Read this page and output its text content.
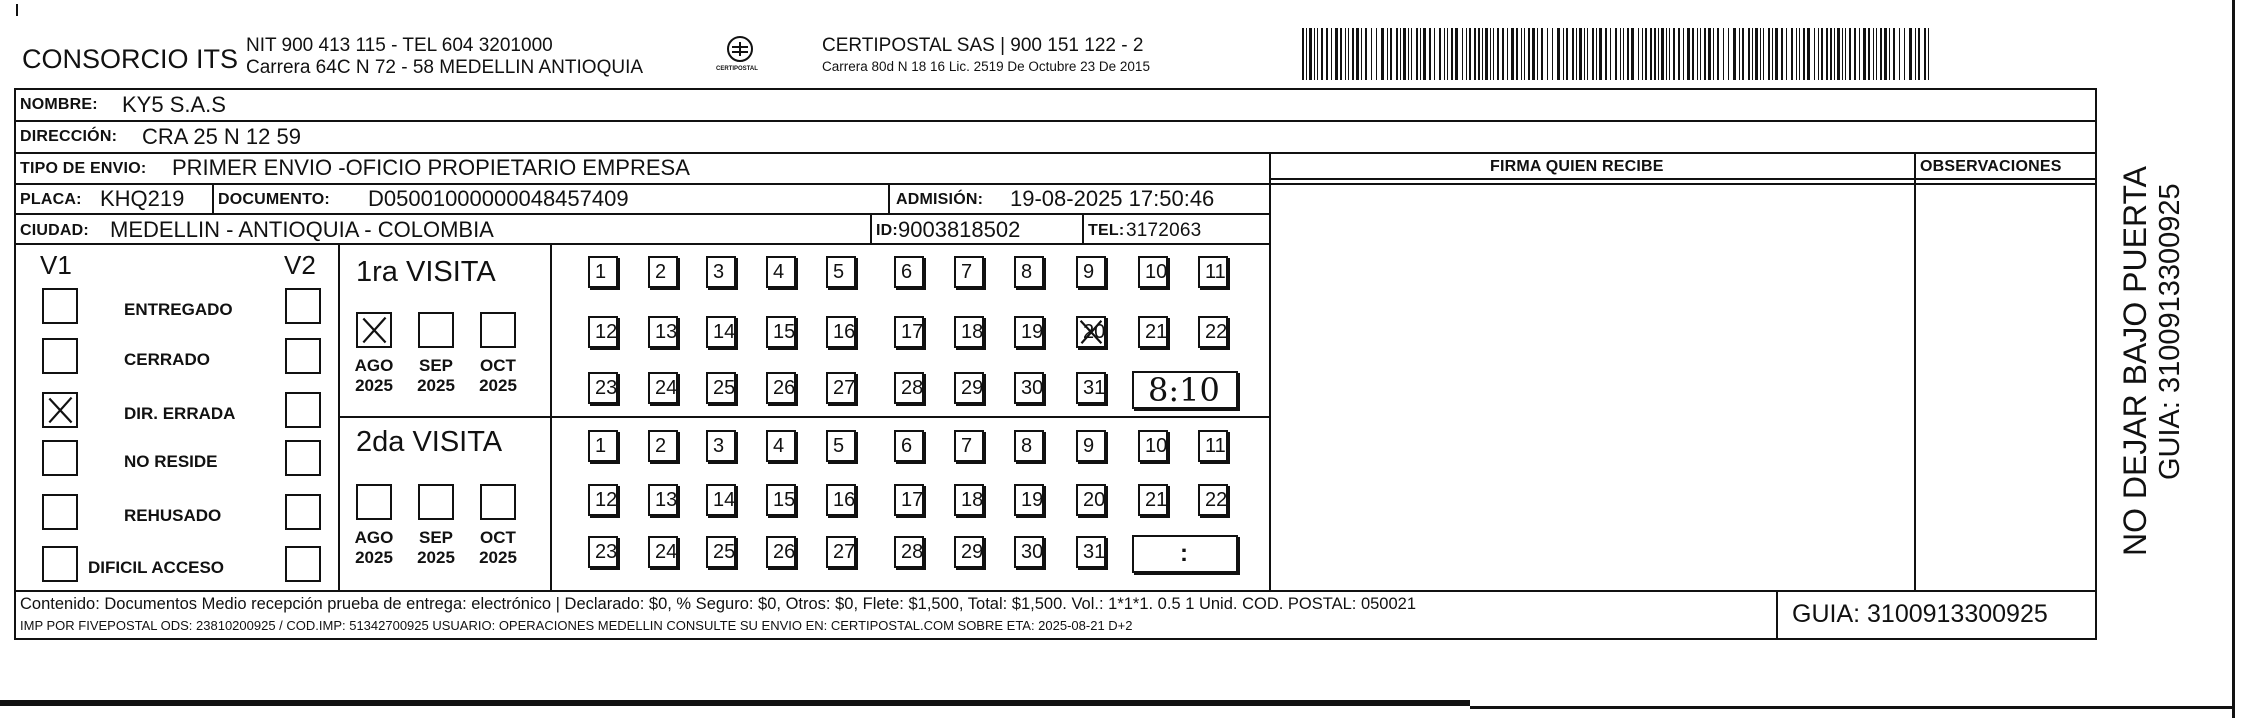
CONSORCIO ITS NIT 900 413 115 - TEL 604 3201000
Carrera 64C N 72 - 58 MEDELLIN ANTIOQUIA	CERTIPOSTAL
CERTIPOSTAL SAS | 900 151 122 - 2
Carrera 80d N 18 16 Lic. 2519 De Octubre 23 De 2015
NOMBRE: KY5 S.A.S
DIRECCIÓN: CRA 25 N 12 59
TIPO DE ENVIO: PRIMER ENVIO -OFICIO PROPIETARIO EMPRESA	FIRMA QUIEN RECIBE	OBSERVACIONES
PLACA: KHQ219 DOCUMENTO: D05001000000048457409	ADMISIÓN: 19-08-2025 17:50:46
CIUDAD: MEDELLIN - ANTIOQUIA - COLOMBIA	ID: 9003818502	TEL: 3172063
V1	V2
ENTREGADO
CERRADO
DIR. ERRADA
NO RESIDE
REHUSADO
DIFICIL ACCESO
1ra VISITA
2da VISITA
AGO
2025
SEP
2025
OCT
2025
AGO
2025
SEP
2025
OCT
2025
1	2	3	4	5	6	7	8	9	10	11
12	13	14	15	16	17	18	19	20	21	22
23	24	25	26	27	28	29	30	31
1	2	3	4	5	6	7	8	9	10	11
12	13	14	15	16	17	18	19	20	21	22
23	24	25	26	27	28	29	30	31
8:10
:
Contenido: Documentos Medio recepción prueba de entrega: electrónico | Declarado: $0, % Seguro: $0, Otros: $0, Flete: $1,500, Total: $1,500. Vol.: 1*1*1. 0.5 1 Unid. COD. POSTAL: 050021
IMP POR FIVEPOSTAL ODS: 23810200925 / COD.IMP: 51342700925 USUARIO: OPERACIONES MEDELLIN CONSULTE SU ENVIO EN: CERTIPOSTAL.COM SOBRE ETA: 2025-08-21 D+2	GUIA: 3100913300925
NO DEJAR BAJO PUERTA GUIA: 3100913300925
